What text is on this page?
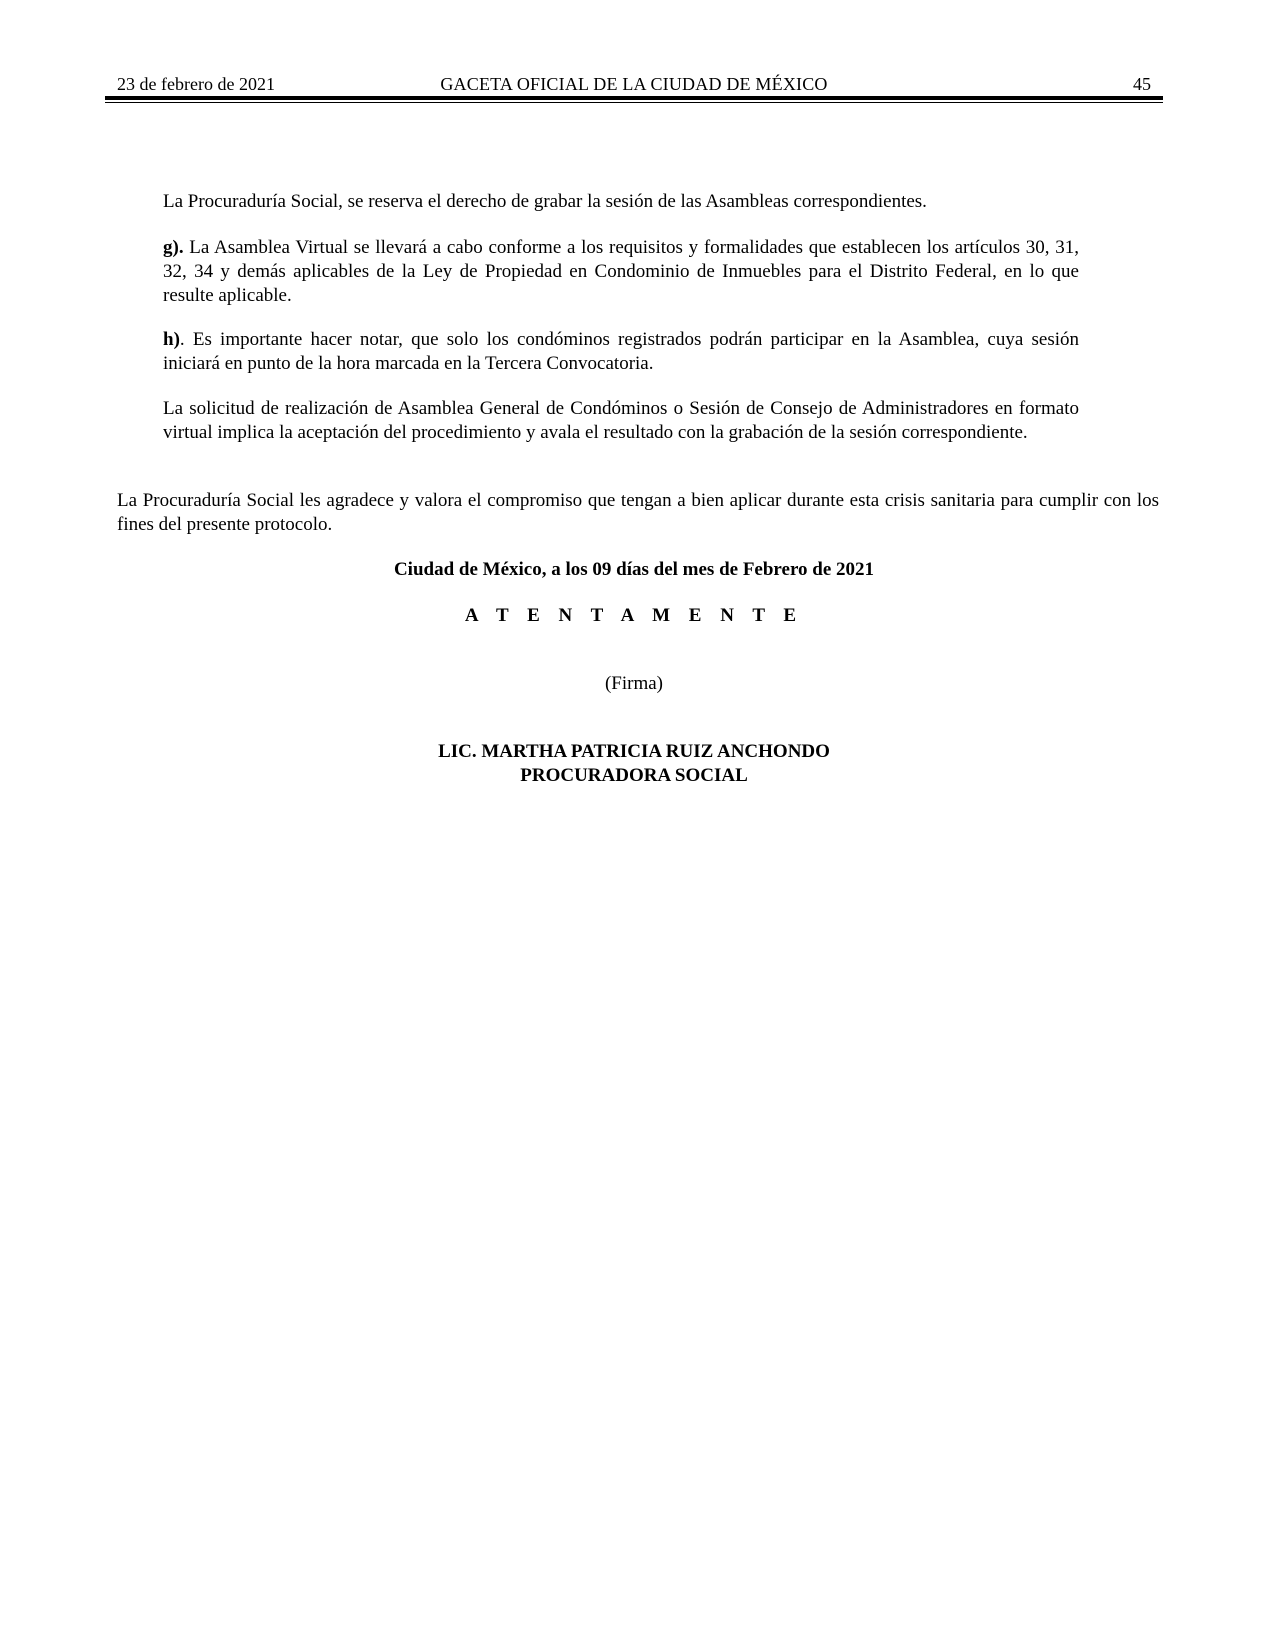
23 de febrero de 2021	GACETA OFICIAL DE LA CIUDAD DE MÉXICO	45

La Procuraduría Social, se reserva el derecho de grabar la sesión de las Asambleas correspondientes.

g). La Asamblea Virtual se llevará a cabo conforme a los requisitos y formalidades que establecen los artículos 30, 31, 32, 34 y demás aplicables de la Ley de Propiedad en Condominio de Inmuebles para el Distrito Federal, en lo que resulte aplicable.

h). Es importante hacer notar, que solo los condóminos registrados podrán participar en la Asamblea, cuya sesión iniciará en punto de la hora marcada en la Tercera Convocatoria.

La solicitud de realización de Asamblea General de Condóminos o Sesión de Consejo de Administradores en formato virtual implica la aceptación del procedimiento y avala el resultado con la grabación de la sesión correspondiente.

La Procuraduría Social les agradece y valora el compromiso que tengan a bien aplicar durante esta crisis sanitaria para cumplir con los fines del presente protocolo.

Ciudad de México, a los 09 días del mes de Febrero de 2021

A T E N T A M E N T E

(Firma)

LIC. MARTHA PATRICIA RUIZ ANCHONDO

PROCURADORA SOCIAL
